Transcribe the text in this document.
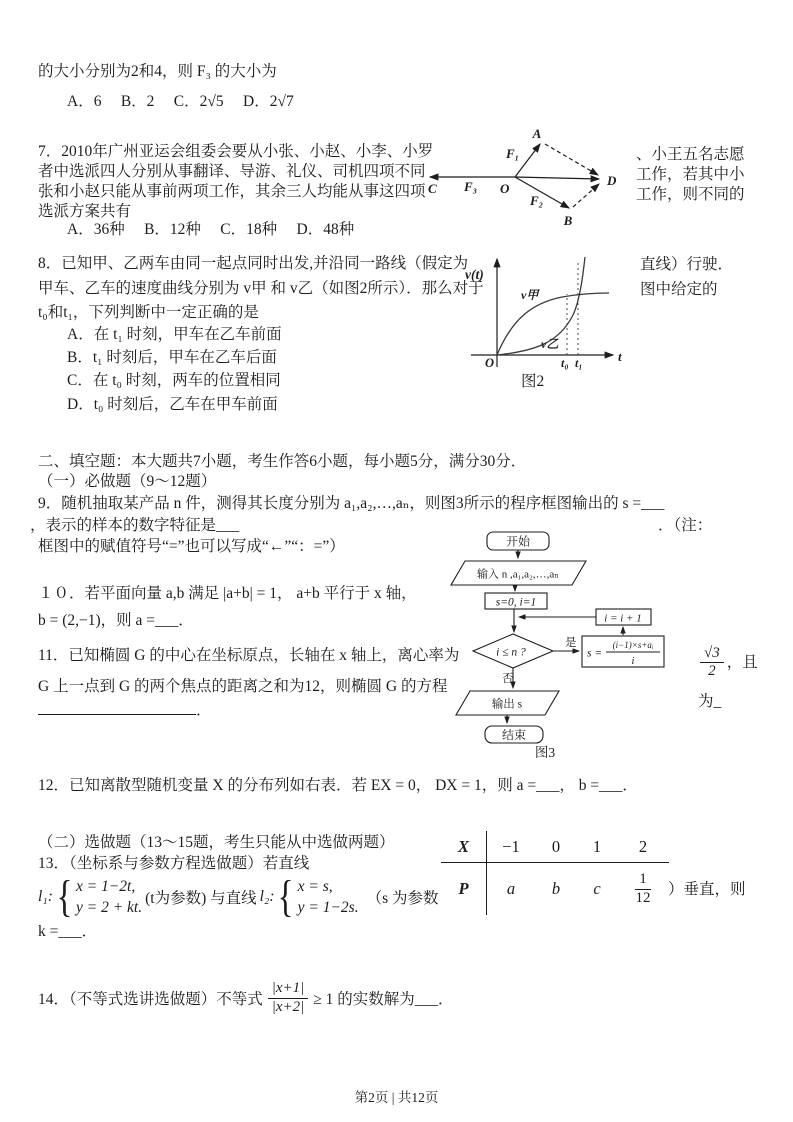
的大小分别为2和4，则 F₃ 的大小为
A．6　 B．2　 C．2√5 　D．2√7
7．2010年广州亚运会组委会要从小张、小赵、小李、小罗
者中选派四人分别从事翻译、导游、礼仪、司机四项不同
张和小赵只能从事前两项工作，其余三人均能从事这四项
选派方案共有
A．36种 　B．12种 　C．18种 　D．48种
、小王五名志愿
工作，若其中小
工作，则不同的
A
B
C
D
O
F₁
F₂
F₃
8．已知甲、乙两车由同一起点同时出发,并沿同一路线（假定为
甲车、乙车的速度曲线分别为 v甲 和 v乙（如图2所示）．那么对于
t₀和t₁，下列判断中一定正确的是
A．在 t₁ 时刻，甲车在乙车前面
B．t₁ 时刻后，甲车在乙车后面
C．在 t₀ 时刻，两车的位置相同
D．t₀ 时刻后，乙车在甲车前面
直线）行驶．
图中给定的
v(t)
t
O
v甲
v乙
t₀ t₁
图2
二、填空题：本大题共7小题，考生作答6小题，每小题5分，满分30分．
（一）必做题（9～12题）
9．随机抽取某产品 n 件，测得其长度分别为 a₁,a₂,…,aₙ，则图3所示的程序框图输出的 s =___
，表示的样本的数字特征是___	．（注：
框图中的赋值符号“=”也可以写成“←”“：=”）	开始
输入 n ,a₁,a₂,…,aₙ
s=0, i=1
i ≤ n ?
是
否
s =
(i−1)×s+aᵢ
i
i = i + 1
输出 s
结束
图3
１０．若平面向量 a,b 满足 |a+b| = 1， a+b 平行于 x 轴，
b = (2,−1)，则 a =___．
11．已知椭圆 G 的中心在坐标原点，长轴在 x 轴上，离心率为
G 上一点到 G 的两个焦点的距离之和为12，则椭圆 G 的方程
．
$\frac{√3}{2}$ ，且
为_
12．已知离散型随机变量 X 的分布列如右表．若 EX = 0， DX = 1，则 a =___， b =___．
X	−1	0	1	2
P	a	b	c	$\frac{1}{12}$
（二）选做题（13～15题，考生只能从中选做两题）
13．（坐标系与参数方程选做题）若直线
l₁: { x = 1−2t,
y = 2 + kt.
(t为参数) 与直线 l₂: { x = s,
y = 1−2s.
（s 为参数
）垂直，则
k =___．
14．（不等式选讲选做题）不等式 $\frac{|x+1|}{|x+2|} \ge 1$ 的实数解为___．
第2页 | 共12页
